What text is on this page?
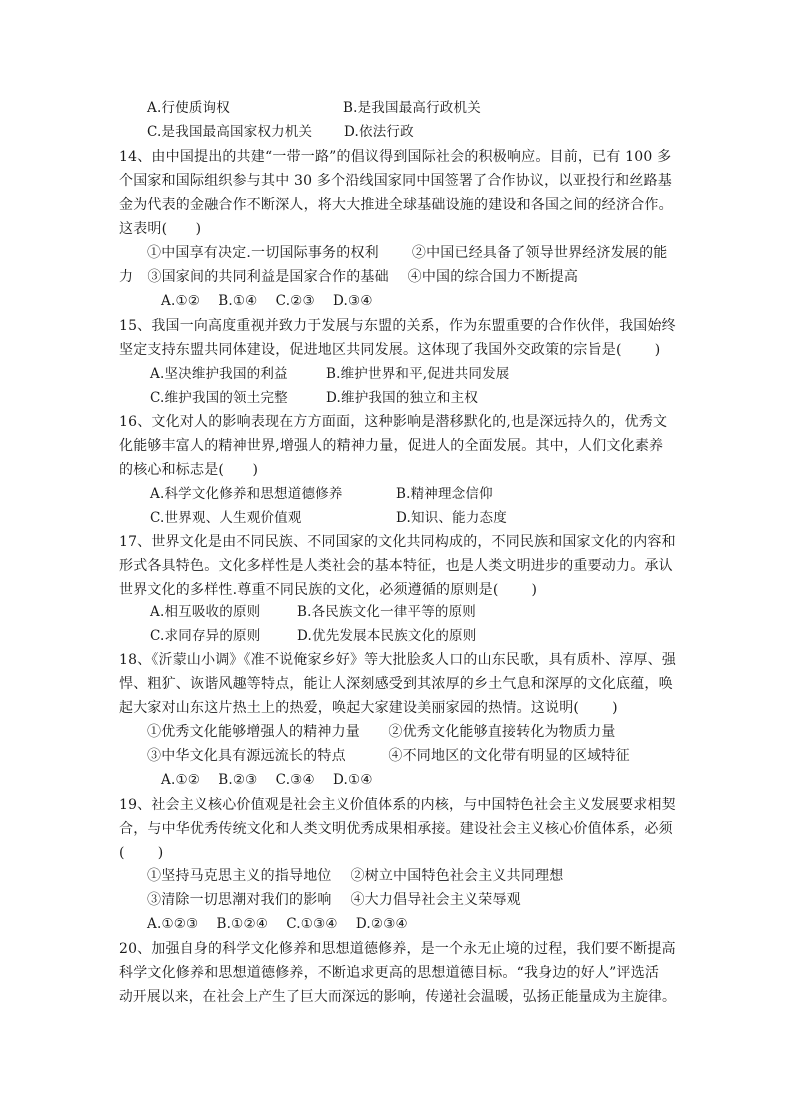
A.行使质询权	B.是我国最高行政机关
C.是我国最高国家权力机关 D.依法行政
14、由中国提出的共建“一带一路”的倡议得到国际社会的积极响应。目前，已有 100 多
个国家和国际组织参与其中 30 多个沿线国家同中国签署了合作协议，以亚投行和丝路基
金为代表的金融合作不断深人，将大大推进全球基础设施的建设和各国之间的经济合作。
这表明(　　)
①中国享有决定.一切国际事务的权利　　 ②中国已经具备了领导世界经济发展的能
力　③国家间的共同利益是国家合作的基础　 ④中国的综合国力不断提高
A.①②　 B.①④　 C.②③　 D.③④
15、我国一向高度重视并致力于发展与东盟的关系，作为东盟重要的合作伙伴，我国始终
坚定支持东盟共同体建设，促进地区共同发展。这体现了我国外交政策的宗旨是(　　 )
A.坚决维护我国的利益	B.维护世界和平,促进共同发展
C.维护我国的领土完整	D.维护我国的独立和主权
16、文化对人的影响表现在方方面面，这种影响是潜移默化的,也是深远持久的，优秀文
化能够丰富人的精神世界,增强人的精神力量，促进人的全面发展。其中，人们文化素养
的核心和标志是(　　)
A.科学文化修养和思想道德修养	B.精神理念信仰
C.世界观、人生观价值观	D.知识、能力态度
17、世界文化是由不同民族、不同国家的文化共同构成的，不同民族和国家文化的内容和
形式各具特色。文化多样性是人类社会的基本特征，也是人类文明进步的重要动力。承认
世界文化的多样性.尊重不同民族的文化，必须遵循的原则是(　　 )
A.相互吸收的原则	B.各民族文化一律平等的原则
C.求同存异的原则	D.优先发展本民族文化的原则
18、《沂蒙山小调》《准不说俺家乡好》等大批脍炙人口的山东民歌，具有质朴、淳厚、强
悍、粗犷、诙谐风趣等特点，能让人深刻感受到其浓厚的乡土气息和深厚的文化底蕴，唤
起大家对山东这片热土上的热爱，唤起大家建设美丽家园的热情。这说明(　　 )
①优秀文化能够增强人的精神力量　　②优秀文化能够直接转化为物质力量
③中华文化具有源远流长的特点　　　④不同地区的文化带有明显的区域特征
A.①②　 B.②③　 C.③④　 D.①④
19、社会主义核心价值观是社会主义价值体系的内核，与中国特色社会主义发展要求相契
合，与中华优秀传统文化和人类文明优秀成果相承接。建设社会主义核心价值体系，必须
(　　 )
①坚持马克思主义的指导地位　 ②树立中国特色社会主义共同理想
③清除一切思潮对我们的影响　 ④大力倡导社会主义荣辱观
A.①②③　 B.①②④　 C.①③④　 D.②③④
20、加强自身的科学文化修养和思想道德修养，是一个永无止境的过程，我们要不断提高
科学文化修养和思想道德修养，不断追求更高的思想道德目标。“我身边的好人”评选活
动开展以来，在社会上产生了巨大而深远的影响，传递社会温暖，弘扬正能量成为主旋律。
